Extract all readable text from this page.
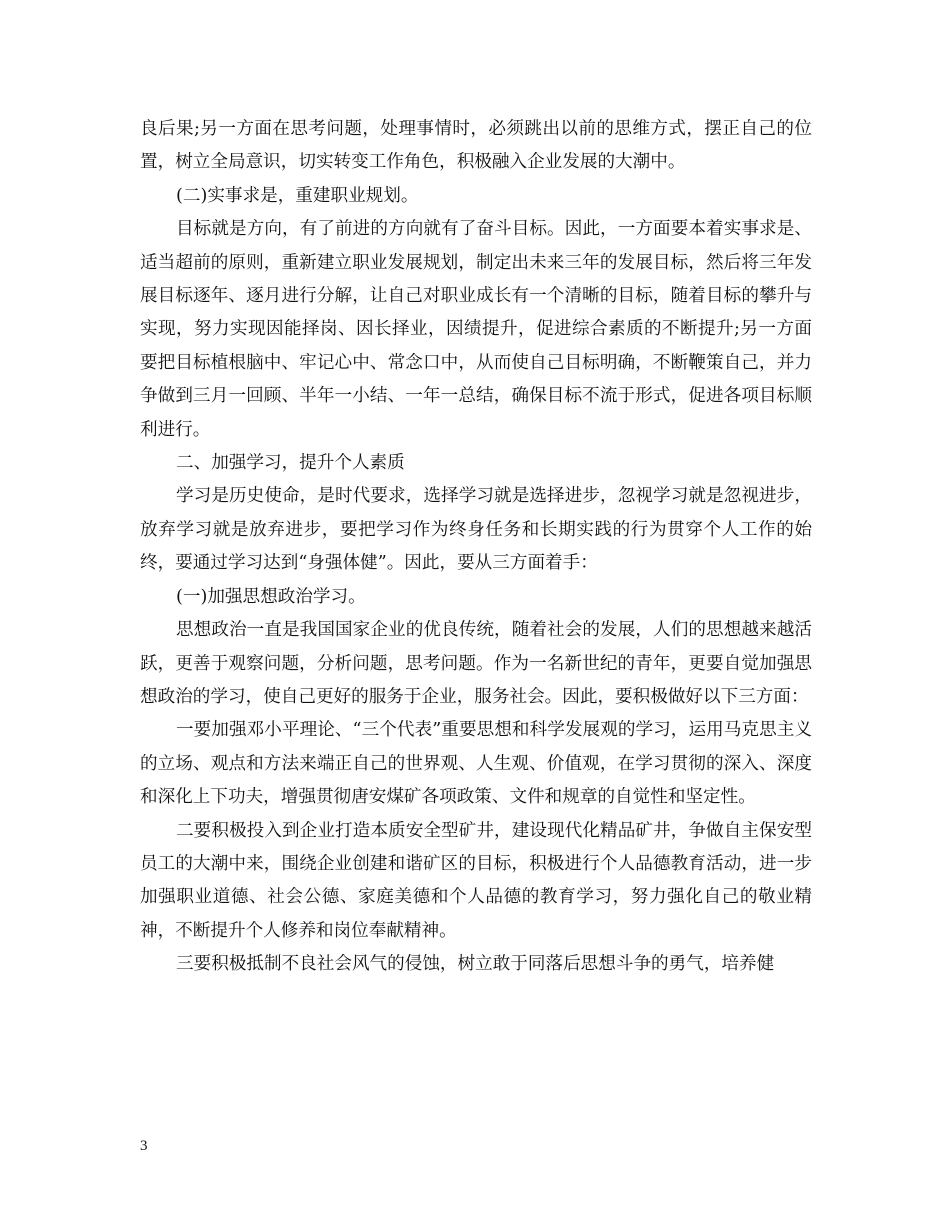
良后果;另一方面在思考问题，处理事情时，必须跳出以前的思维方式，摆正自己的位置，树立全局意识，切实转变工作角色，积极融入企业发展的大潮中。

(二)实事求是，重建职业规划。

目标就是方向，有了前进的方向就有了奋斗目标。因此，一方面要本着实事求是、适当超前的原则，重新建立职业发展规划，制定出未来三年的发展目标，然后将三年发展目标逐年、逐月进行分解，让自己对职业成长有一个清晰的目标，随着目标的攀升与实现，努力实现因能择岗、因长择业，因绩提升，促进综合素质的不断提升;另一方面要把目标植根脑中、牢记心中、常念口中，从而使自己目标明确，不断鞭策自己，并力争做到三月一回顾、半年一小结、一年一总结，确保目标不流于形式，促进各项目标顺利进行。

二、加强学习，提升个人素质

学习是历史使命，是时代要求，选择学习就是选择进步，忽视学习就是忽视进步，放弃学习就是放弃进步，要把学习作为终身任务和长期实践的行为贯穿个人工作的始终，要通过学习达到“身强体健”。因此，要从三方面着手：

(一)加强思想政治学习。

思想政治一直是我国国家企业的优良传统，随着社会的发展，人们的思想越来越活跃，更善于观察问题，分析问题，思考问题。作为一名新世纪的青年，更要自觉加强思想政治的学习，使自己更好的服务于企业，服务社会。因此，要积极做好以下三方面：

一要加强邓小平理论、“三个代表”重要思想和科学发展观的学习，运用马克思主义的立场、观点和方法来端正自己的世界观、人生观、价值观，在学习贯彻的深入、深度和深化上下功夫，增强贯彻唐安煤矿各项政策、文件和规章的自觉性和坚定性。

二要积极投入到企业打造本质安全型矿井，建设现代化精品矿井，争做自主保安型员工的大潮中来，围绕企业创建和谐矿区的目标，积极进行个人品德教育活动，进一步加强职业道德、社会公德、家庭美德和个人品德的教育学习，努力强化自己的敬业精神，不断提升个人修养和岗位奉献精神。

三要积极抵制不良社会风气的侵蚀，树立敢于同落后思想斗争的勇气，培养健

3
